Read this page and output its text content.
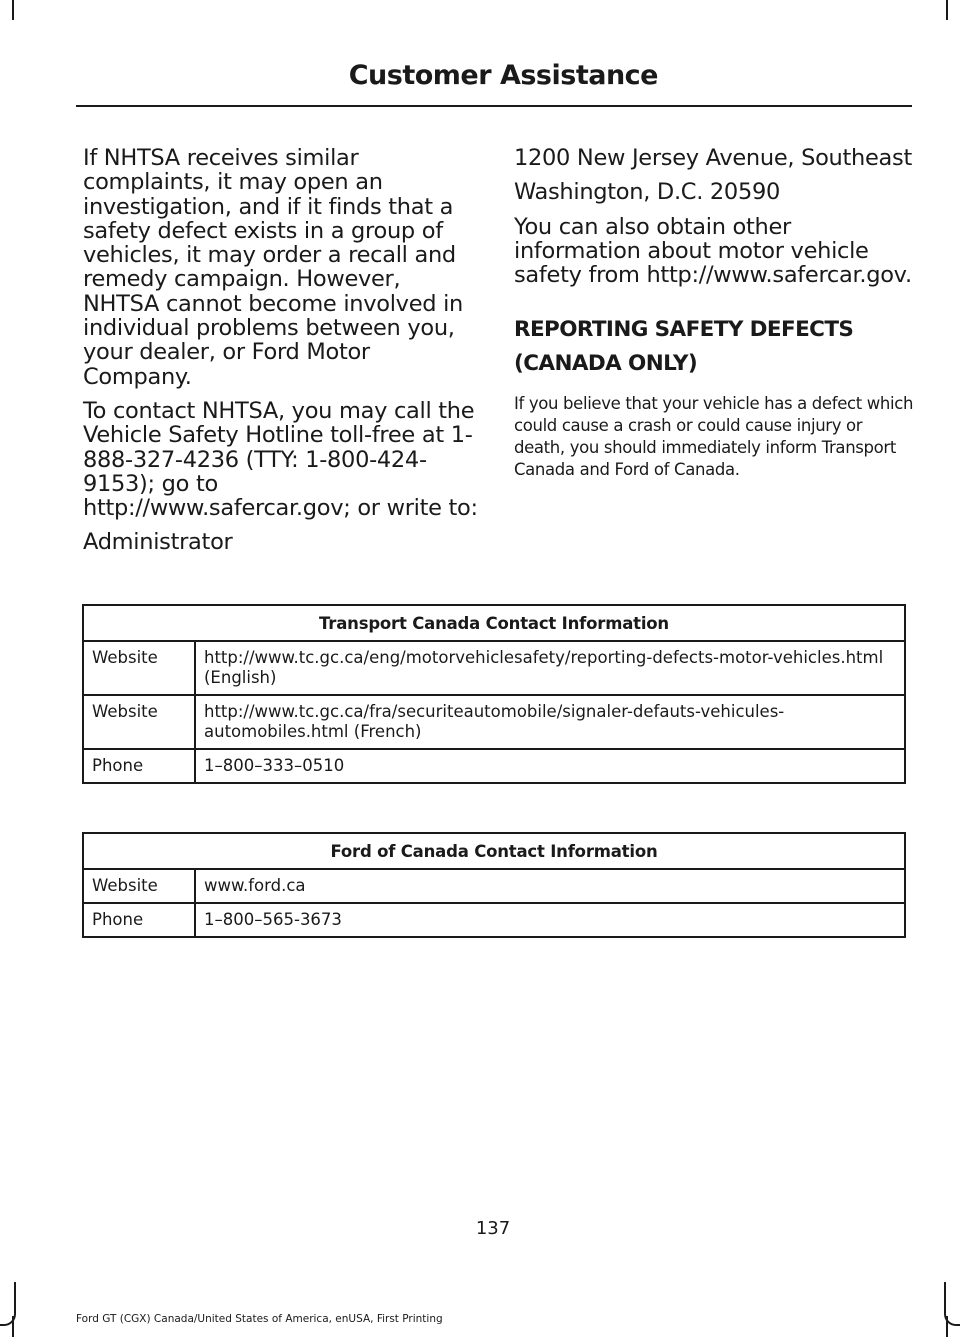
Customer Assistance

If NHTSA receives similar complaints, it may open an investigation, and if it finds that a safety defect exists in a group of vehicles, it may order a recall and remedy campaign. However, NHTSA cannot become involved in individual problems between you, your dealer, or Ford Motor Company.

To contact NHTSA, you may call the Vehicle Safety Hotline toll-free at 1-888-327-4236 (TTY: 1-800-424-9153); go to http://www.safercar.gov; or write to:

Administrator

1200 New Jersey Avenue, Southeast

Washington, D.C. 20590

You can also obtain other information about motor vehicle safety from http://www.safercar.gov.

REPORTING SAFETY DEFECTS
(CANADA ONLY)

If you believe that your vehicle has a defect which could cause a crash or could cause injury or death, you should immediately inform Transport Canada and Ford of Canada.

Transport Canada Contact Information	
Website	http://www.tc.gc.ca/eng/motorvehiclesafety/reporting-defects-motor-vehicles.html (English)
Website	http://www.tc.gc.ca/fra/securiteautomobile/signaler-defauts-vehicules-automobiles.html (French)
Phone	1–800–333–0510
Ford of Canada Contact Information	
Website	www.ford.ca
Phone	1–800–565-3673
137
Ford GT (CGX) Canada/United States of America, enUSA, First Printing
